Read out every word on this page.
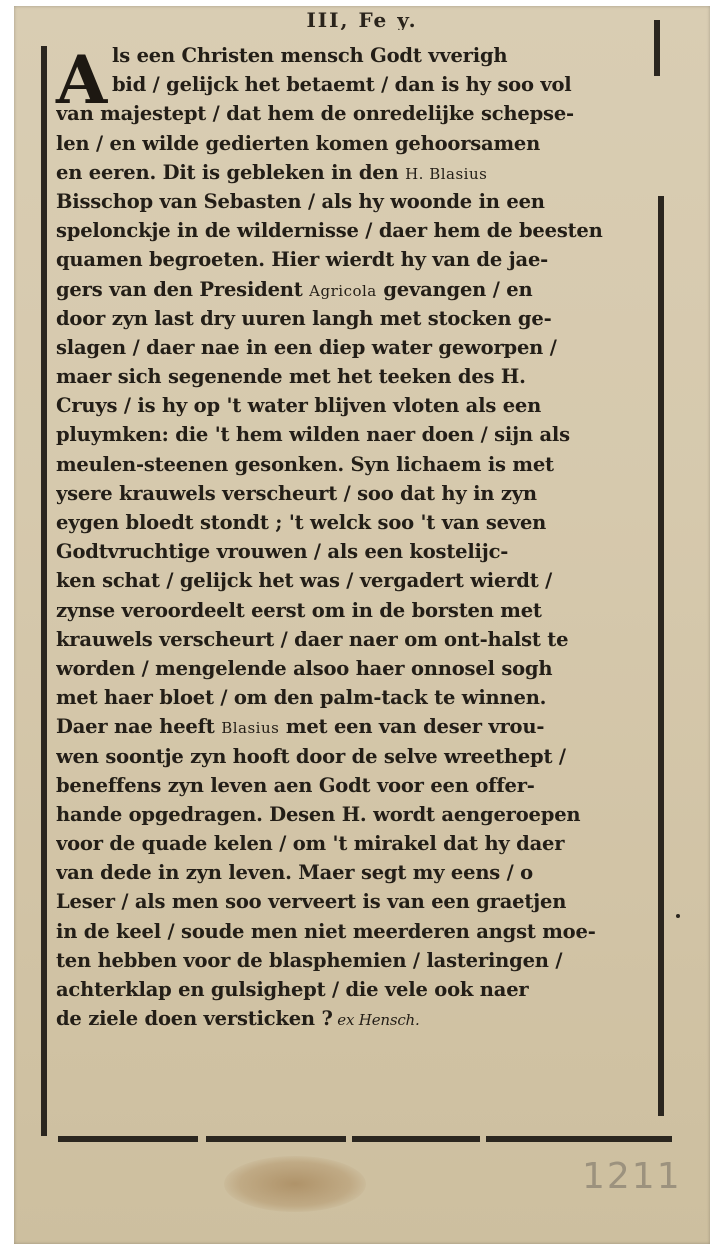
III, Fe y.
A ls een Christen mensch Godt vverigh
bid / gelijck het betaemt / dan is hy soo vol
van majestept / dat hem de onredelijke schepse-
len / en wilde gedierten komen gehoorsamen
en eeren. Dit is gebleken in den H. Blasius
Bisschop van Sebasten / als hy woonde in een
spelonckje in de wildernisse / daer hem de beesten
quamen begroeten. Hier wierdt hy van de jae-
gers van den President Agricola gevangen / en
door zyn last dry uuren langh met stocken ge-
slagen / daer nae in een diep water geworpen /
maer sich segenende met het teeken des H.
Cruys / is hy op 't water blijven vloten als een
pluymken: die 't hem wilden naer doen / sijn als
meulen-steenen gesonken. Syn lichaem is met
ysere krauwels verscheurt / soo dat hy in zyn
eygen bloedt stondt ; 't welck soo 't van seven
Godtvruchtige vrouwen / als een kostelijc-
ken schat / gelijck het was / vergadert wierdt /
zynse veroordeelt eerst om in de borsten met
krauwels verscheurt / daer naer om ont-halst te
worden / mengelende alsoo haer onnosel sogh
met haer bloet / om den palm-tack te winnen.
Daer nae heeft Blasius met een van deser vrou-
wen soontje zyn hooft door de selve wreethept /
beneffens zyn leven aen Godt voor een offer-
hande opgedragen. Desen H. wordt aengeroepen
voor de quade kelen / om 't mirakel dat hy daer
van dede in zyn leven. Maer segt my eens / o
Leser / als men soo verveert is van een graetjen
in de keel / soude men niet meerderen angst moe-
ten hebben voor de blasphemien / lasteringen /
achterklap en gulsighept / die vele ook naer
de ziele doen versticken ? ex Hensch.
1211
